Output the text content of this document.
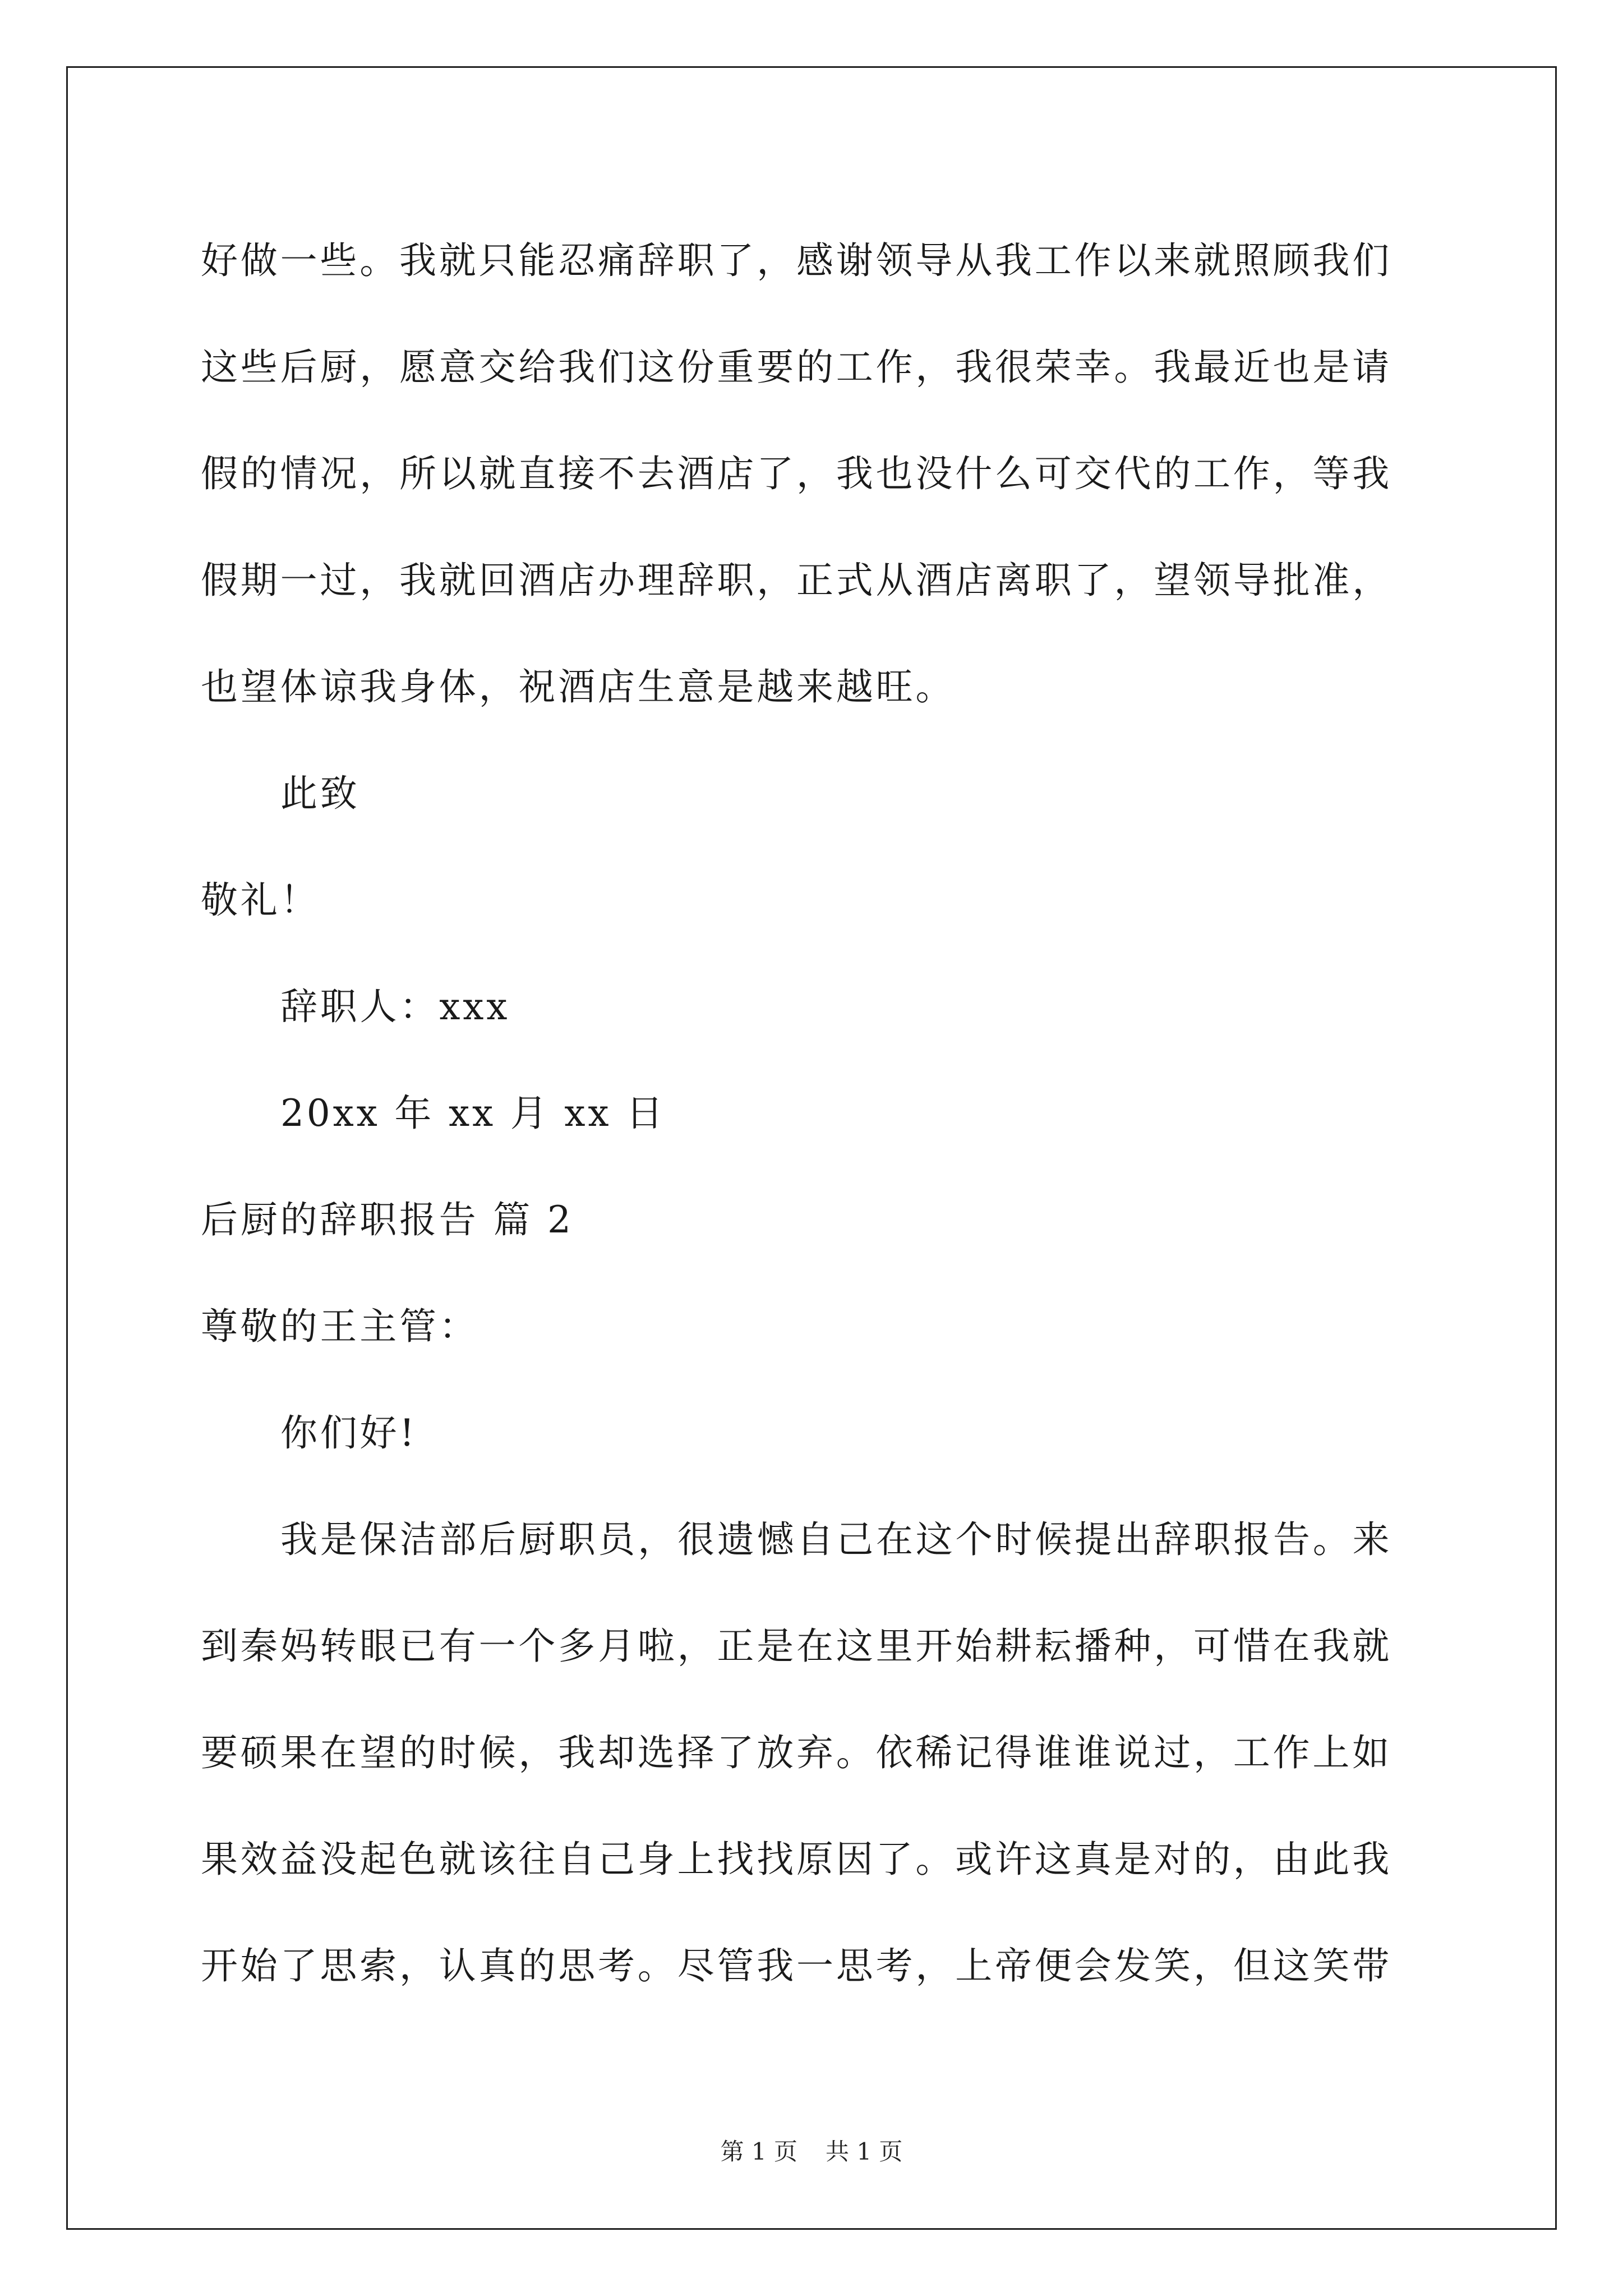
好做一些。我就只能忍痛辞职了，感谢领导从我工作以来就照顾我们
这些后厨，愿意交给我们这份重要的工作，我很荣幸。我最近也是请
假的情况，所以就直接不去酒店了，我也没什么可交代的工作，等我
假期一过，我就回酒店办理辞职，正式从酒店离职了，望领导批准，
也望体谅我身体，祝酒店生意是越来越旺。
此致
敬礼！
辞职人：xxx
20xx 年 xx 月 xx 日
后厨的辞职报告 篇 2
尊敬的王主管：
你们好!
我是保洁部后厨职员，很遗憾自己在这个时候提出辞职报告。来
到秦妈转眼已有一个多月啦，正是在这里开始耕耘播种，可惜在我就
要硕果在望的时候，我却选择了放弃。依稀记得谁谁说过，工作上如
果效益没起色就该往自己身上找找原因了。或许这真是对的，由此我
开始了思索，认真的思考。尽管我一思考，上帝便会发笑，但这笑带
第 1 页 共 1 页
